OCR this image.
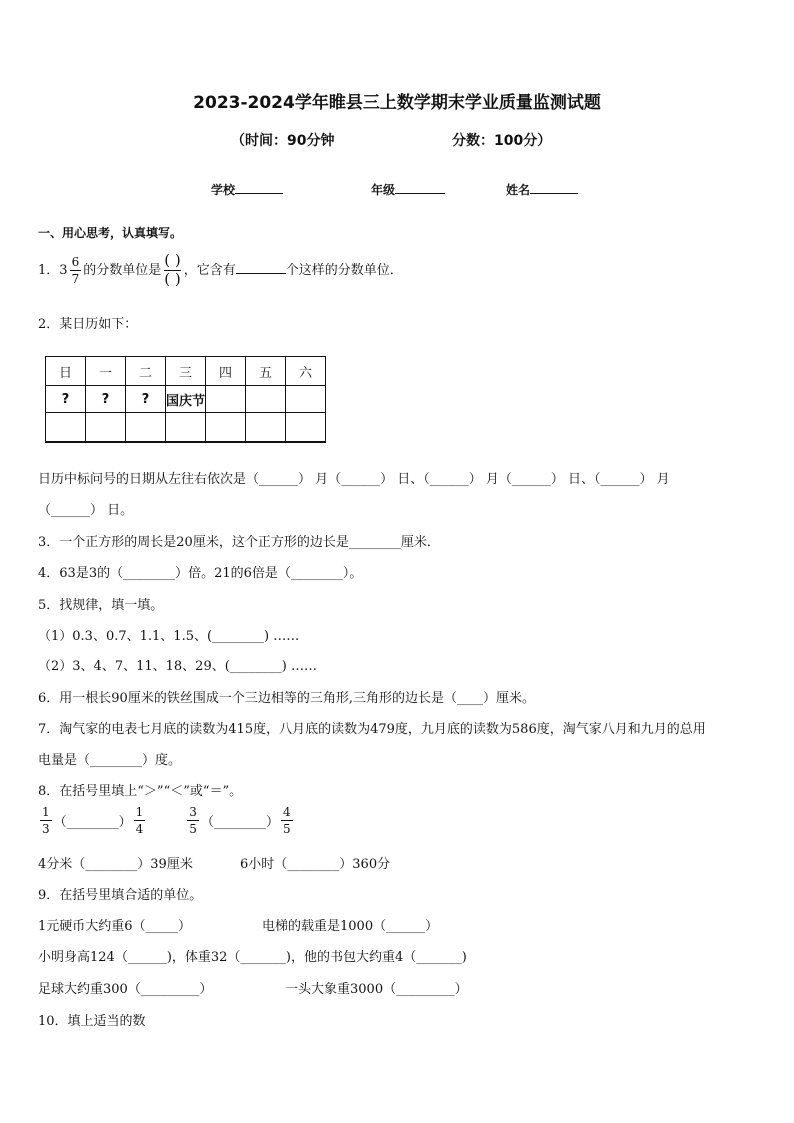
2023-2024学年睢县三上数学期末学业质量监测试题
（时间：90分钟	分数：100分）
学校	年级	姓名
一、用心思考，认真填写。
1．$3 \frac{6}{7}$ 的分数单位是 $\frac{( )}{( )}$ ，它含有	个这样的分数单位．
2．某日历如下：
日	一	二	三	四	五	六
?	?	?	国庆节			

日历中标问号的日期从左往右依次是（______） 月（______） 日、（______） 月（______） 日、（______） 月
（______） 日。
3．一个正方形的周长是20厘米，这个正方形的边长是________厘米．
4．63是3的（________）倍。21的6倍是（________）。
5．找规律，填一填。
（1）0.3、0.7、1.1、1.5、(________) ……
（2）3、4、7、11、18、29、(________) ……
6．用一根长90厘米的铁丝围成一个三边相等的三角形,三角形的边长是（____）厘米。
7．淘气家的电表七月底的读数为415度，八月底的读数为479度，九月底的读数为586度，淘气家八月和九月的总用
电量是（________）度。
8．在括号里填上“＞”“＜”或“＝”。
$\frac{1}{3}$ （________） $\frac{1}{4}$	$\frac{3}{5}$ （________） $\frac{4}{5}$
4分米（________）39厘米	6小时（________）360分
9．在括号里填合适的单位。
1元硬币大约重6（_____）	电梯的载重是1000（______）
小明身高124（______)，体重32（_______)，他的书包大约重4（_______)
足球大约重300（_________）	一头大象重3000（_________）
10．填上适当的数
